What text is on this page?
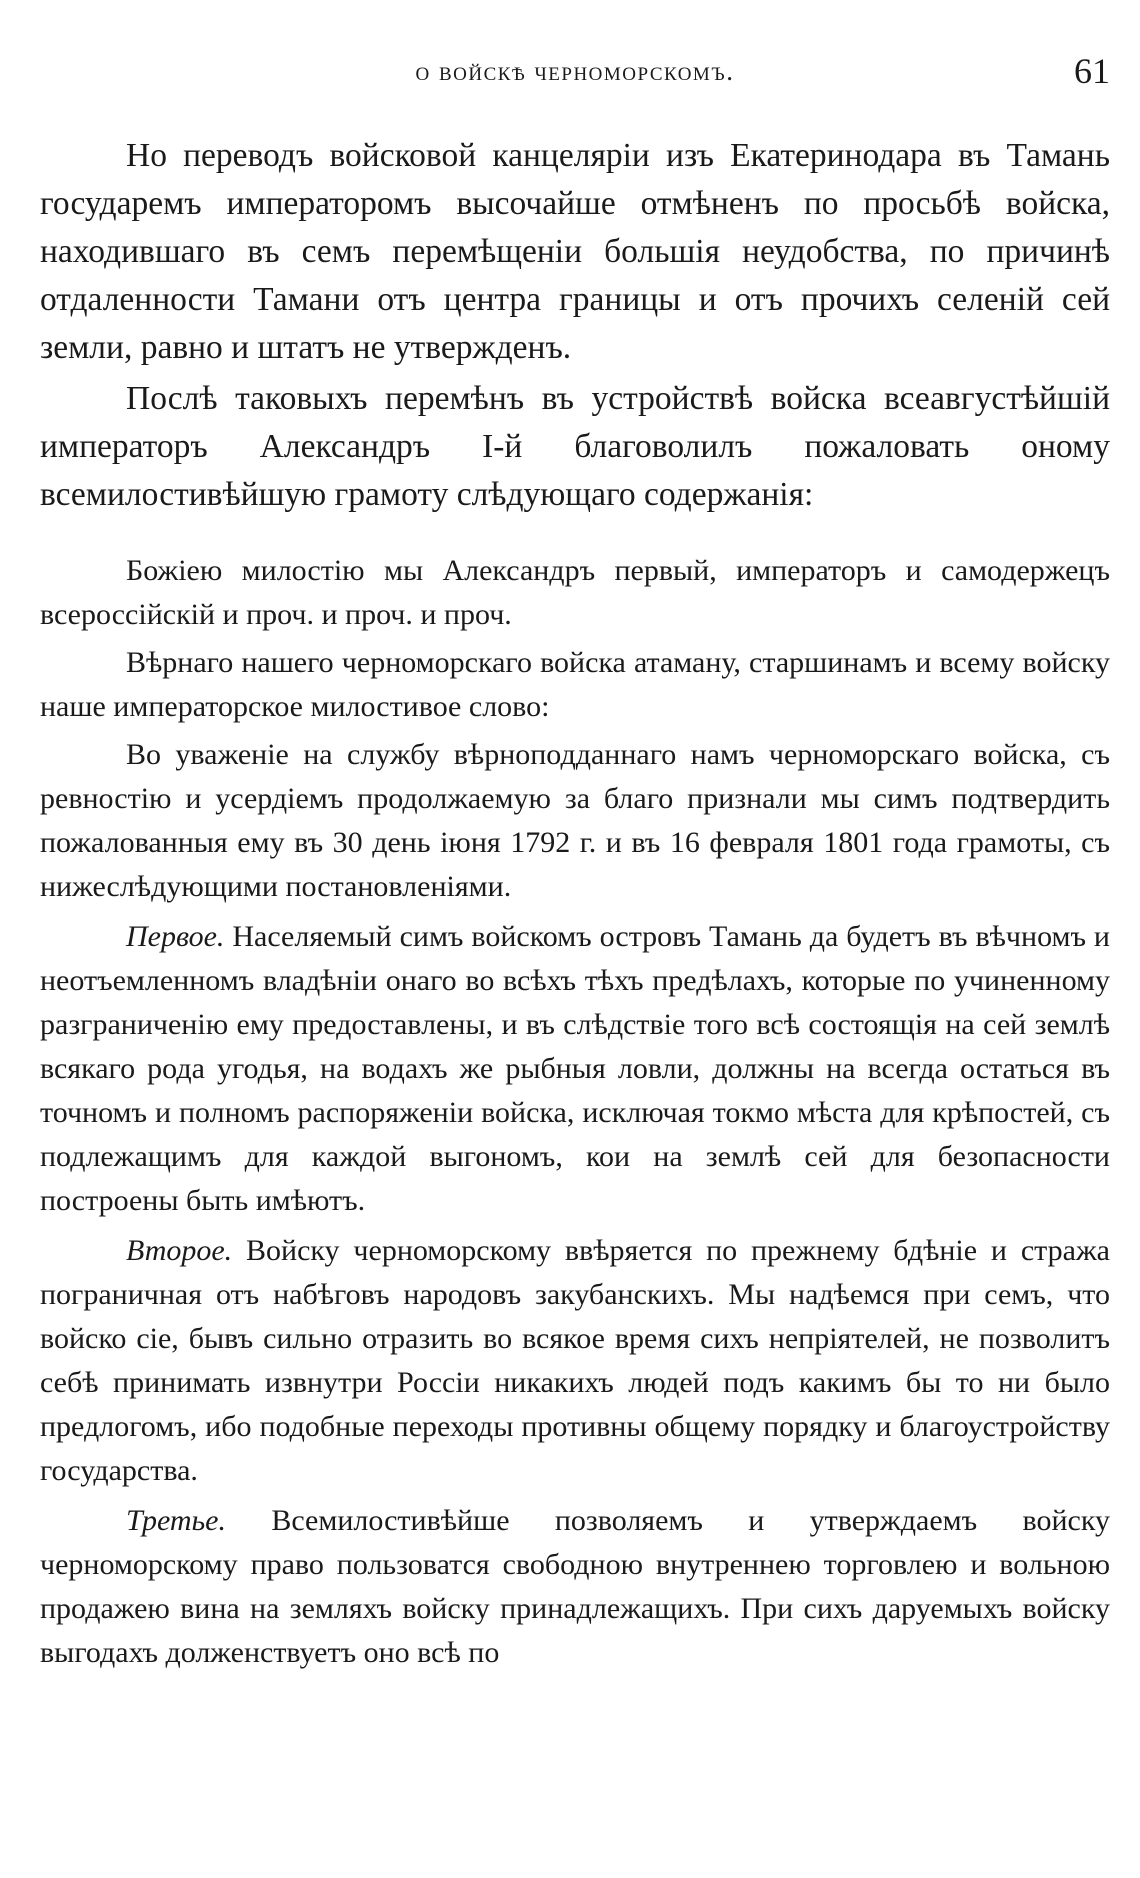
о войскѣ черноморскомъ.	61

Но переводъ войсковой канцеляріи изъ Екатеринодара въ Тамань государемъ императоромъ высочайше отмѣненъ по просьбѣ войска, находившаго въ семъ перемѣщеніи большія неудобства, по причинѣ отдаленности Тамани отъ центра границы и отъ прочихъ селеній сей земли, равно и штатъ не утвержденъ.

Послѣ таковыхъ перемѣнъ въ устройствѣ войска всеавгустѣйшій императоръ Александръ I-й благоволилъ пожаловать оному всемилостивѣйшую грамоту слѣдующаго содержанія:

Божіею милостію мы Александръ первый, императоръ и самодержецъ всероссійскій и проч. и проч. и проч.

Вѣрнаго нашего черноморскаго войска атаману, старшинамъ и всему войску наше императорское милостивое слово:

Во уваженіе на службу вѣрноподданнаго намъ черноморскаго войска, съ ревностію и усердіемъ продолжаемую за благо признали мы симъ подтвердить пожалованныя ему въ 30 день іюня 1792 г. и въ 16 февраля 1801 года грамоты, съ нижеслѣдующими постановленіями.

Первое. Населяемый симъ войскомъ островъ Тамань да будетъ въ вѣчномъ и неотъемленномъ владѣніи онаго во всѣхъ тѣхъ предѣлахъ, которые по учиненному разграниченію ему предоставлены, и въ слѣдствіе того всѣ состоящія на сей землѣ всякаго рода угодья, на водахъ же рыбныя ловли, должны на всегда остаться въ точномъ и полномъ распоряженіи войска, исключая токмо мѣста для крѣпостей, съ подлежащимъ для каждой выгономъ, кои на землѣ сей для безопасности построены быть имѣютъ.

Второе. Войску черноморскому ввѣряется по прежнему бдѣніе и стража пограничная отъ набѣговъ народовъ закубанскихъ. Мы надѣемся при семъ, что войско сіе, бывъ сильно отразить во всякое время сихъ непріятелей, не позволитъ себѣ принимать извнутри Россіи никакихъ людей подъ какимъ бы то ни было предлогомъ, ибо подобные переходы противны общему порядку и благоустройству государства.

Третье. Всемилостивѣйше позволяемъ и утверждаемъ войску черноморскому право пользоватся свободною внутреннею торговлею и вольною продажею вина на земляхъ войску принадлежащихъ. При сихъ даруемыхъ войску выгодахъ долженствуетъ оно всѣ по
